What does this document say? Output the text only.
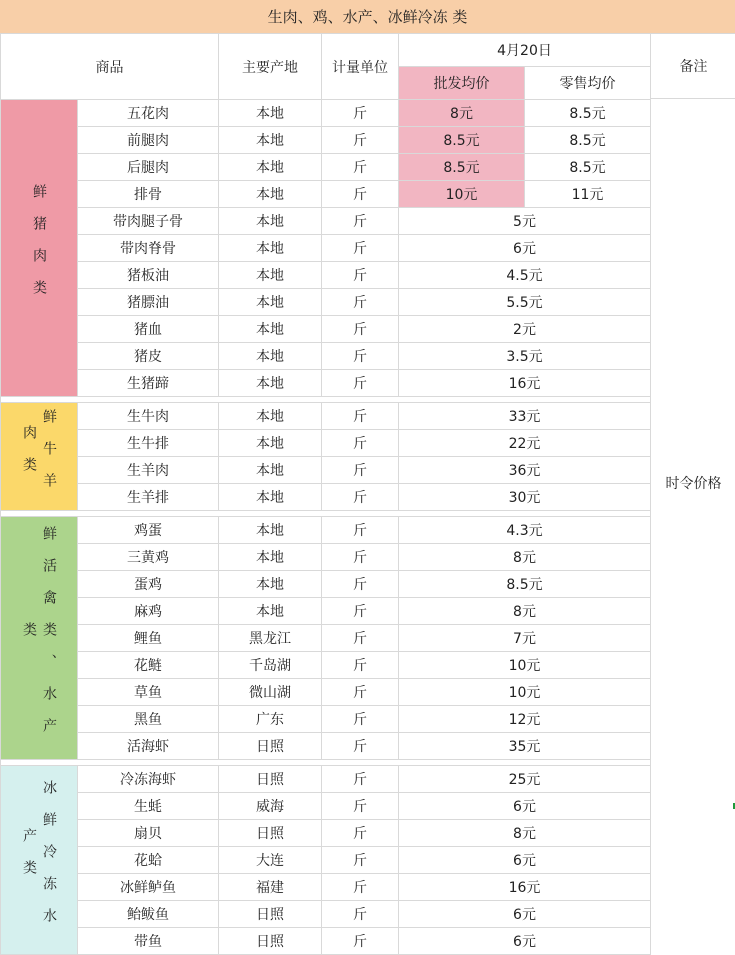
生肉、鸡、水产、冰鲜冷冻 类
商品		主要产地	计量单位	4月20日	
				批发均价	零售均价
鲜猪肉类	五花肉	本地	斤	8元	8.5元
	前腿肉	本地	斤	8.5元	8.5元
	后腿肉	本地	斤	8.5元	8.5元
	排骨	本地	斤	10元	11元
	带肉腿子骨	本地	斤	5元	
	带肉脊骨	本地	斤	6元	
	猪板油	本地	斤	4.5元	
	猪膘油	本地	斤	5.5元	
	猪血	本地	斤	2元	
	猪皮	本地	斤	3.5元	
	生猪蹄	本地	斤	16元	

鲜牛羊肉类	生牛肉	本地	斤	33元	
	生牛排	本地	斤	22元	
	生羊肉	本地	斤	36元	
	生羊排	本地	斤	30元	

鲜活禽类、水产类	鸡蛋	本地	斤	4.3元	
	三黄鸡	本地	斤	8元	
	蛋鸡	本地	斤	8.5元	
	麻鸡	本地	斤	8元	
	鲤鱼	黑龙江	斤	7元	
	花鲢	千岛湖	斤	10元	
	草鱼	微山湖	斤	10元	
	黑鱼	广东	斤	12元	
	活海虾	日照	斤	35元	

冰鲜冷冻水产类	冷冻海虾	日照	斤	25元	
	生蚝	威海	斤	6元	
	扇贝	日照	斤	8元	
	花蛤	大连	斤	6元	
	冰鲜鲈鱼	福建	斤	16元	
	鲐鲅鱼	日照	斤	6元	
	带鱼	日照	斤	6元	
备注
时令价格
